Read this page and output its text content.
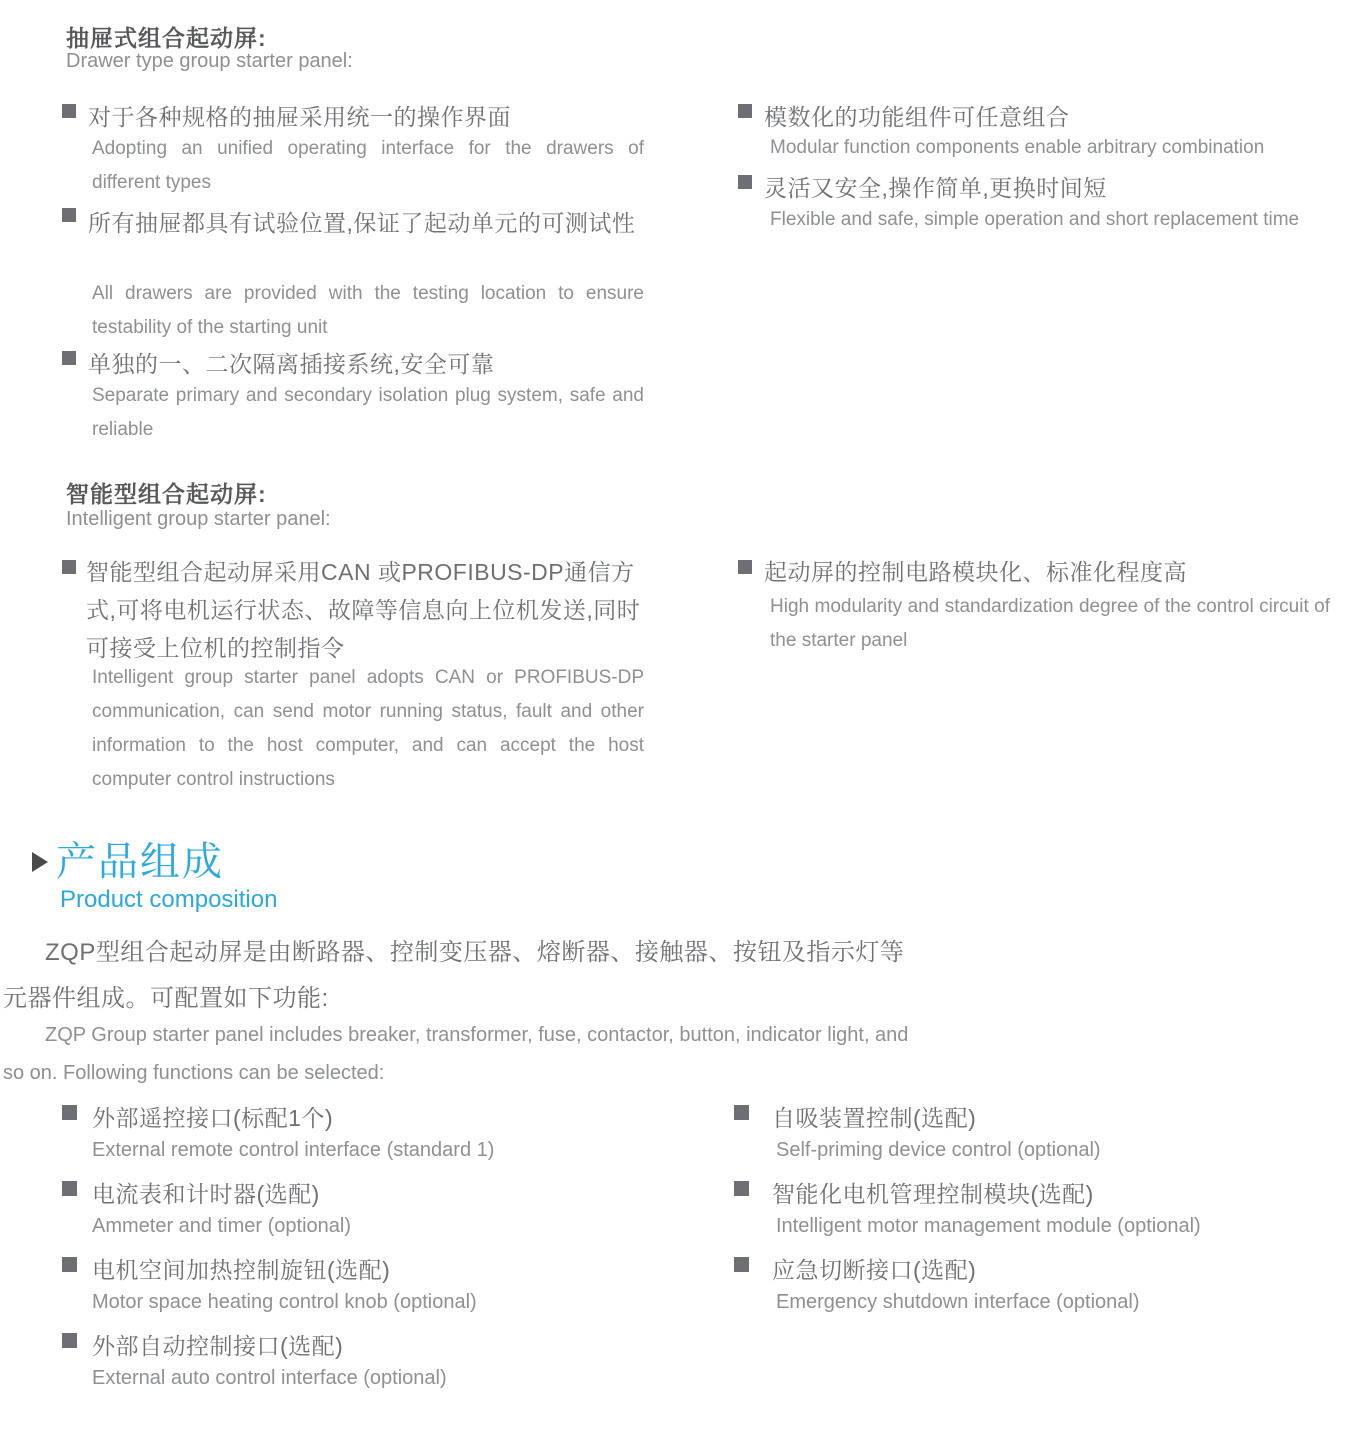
抽屉式组合起动屏:
Drawer type group starter panel:
对于各种规格的抽屉采用统一的操作界面
Adopting an unified operating interface for the drawers of different types
所有抽屉都具有试验位置,保证了起动单元的可测试性
All drawers are provided with the testing location to ensure testability of the starting unit
单独的一、二次隔离插接系统,安全可靠
Separate primary and secondary isolation plug system, safe and reliable
模数化的功能组件可任意组合
Modular function components enable arbitrary combination
灵活又安全,操作简单,更换时间短
Flexible and safe, simple operation and short replacement time
智能型组合起动屏:
Intelligent group starter panel:
智能型组合起动屏采用CAN 或PROFIBUS-DP通信方式,可将电机运行状态、故障等信息向上位机发送,同时可接受上位机的控制指令
Intelligent group starter panel adopts CAN or PROFIBUS-DP communication, can send motor running status, fault and other information to the host computer, and can accept the host computer control instructions
起动屏的控制电路模块化、标准化程度高
High modularity and standardization degree of the control circuit of the starter panel
产品组成
Product composition
ZQP型组合起动屏是由断路器、控制变压器、熔断器、接触器、按钮及指示灯等元器件组成。可配置如下功能:
ZQP Group starter panel includes breaker, transformer, fuse, contactor, button, indicator light, and so on. Following functions can be selected:
外部遥控接口(标配1个)
External remote control interface (standard 1)
电流表和计时器(选配)
Ammeter and timer (optional)
电机空间加热控制旋钮(选配)
Motor space heating control knob (optional)
外部自动控制接口(选配)
External auto control interface (optional)
自吸装置控制(选配)
Self-priming device control (optional)
智能化电机管理控制模块(选配)
Intelligent motor management module (optional)
应急切断接口(选配)
Emergency shutdown interface (optional)
